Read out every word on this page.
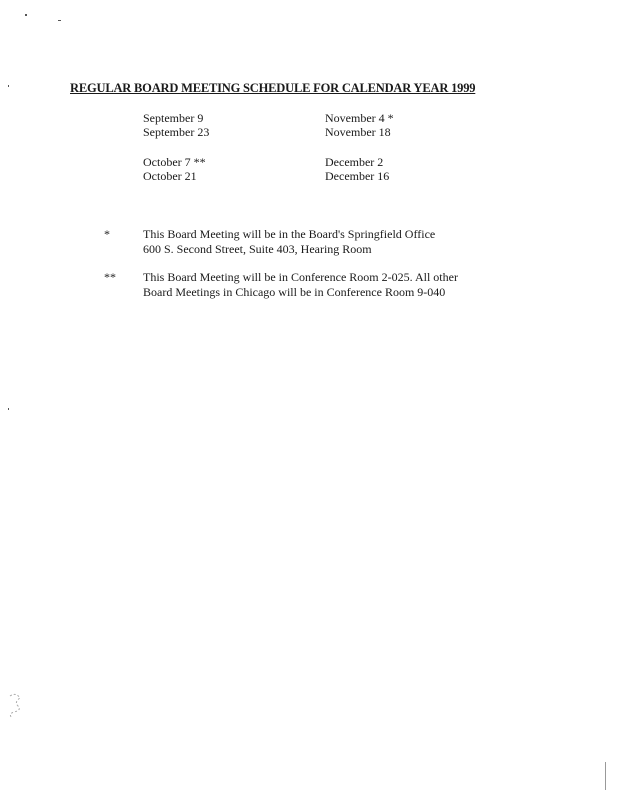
REGULAR BOARD MEETING SCHEDULE FOR CALENDAR YEAR 1999
September 9
September 23
October 7 **
October 21
November 4 *
November 18
December 2
December 16
*	This Board Meeting will be in the Board's Springfield Office
600 S. Second Street, Suite 403, Hearing Room
** This Board Meeting will be in Conference Room 2-025. All other
Board Meetings in Chicago will be in Conference Room 9-040
